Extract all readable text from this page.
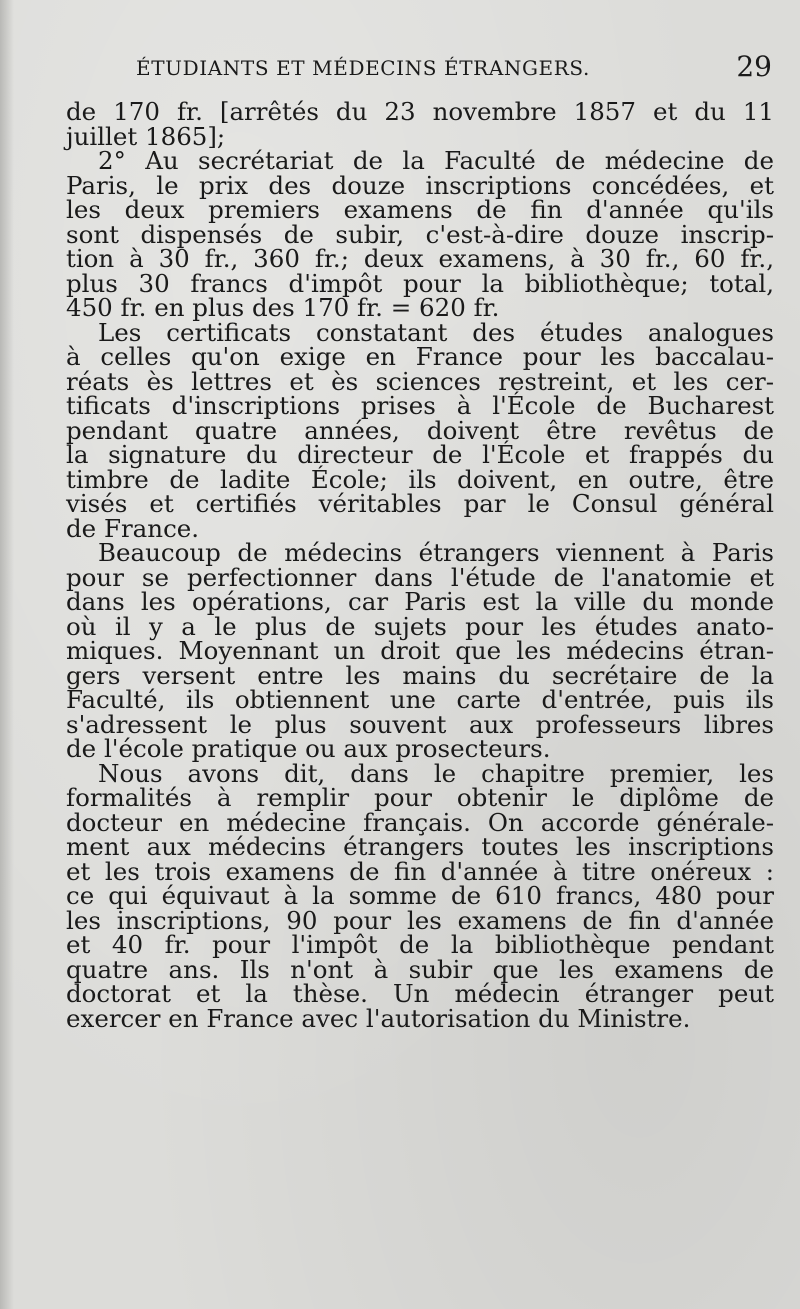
ÉTUDIANTS ET MÉDECINS ÉTRANGERS.	29
de 170 fr. [arrêtés du 23 novembre 1857 et du 11
juillet 1865];
2° Au secrétariat de la Faculté de médecine de
Paris, le prix des douze inscriptions concédées, et
les deux premiers examens de fin d'année qu'ils
sont dispensés de subir, c'est-à-dire douze inscrip-
tion à 30 fr., 360 fr.; deux examens, à 30 fr., 60 fr.,
plus 30 francs d'impôt pour la bibliothèque; total,
450 fr. en plus des 170 fr. = 620 fr.
Les certificats constatant des études analogues
à celles qu'on exige en France pour les baccalau-
réats ès lettres et ès sciences restreint, et les cer-
tificats d'inscriptions prises à l'École de Bucharest
pendant quatre années, doivent être revêtus de
la signature du directeur de l'École et frappés du
timbre de ladite École; ils doivent, en outre, être
visés et certifiés véritables par le Consul général
de France.
Beaucoup de médecins étrangers viennent à Paris
pour se perfectionner dans l'étude de l'anatomie et
dans les opérations, car Paris est la ville du monde
où il y a le plus de sujets pour les études anato-
miques. Moyennant un droit que les médecins étran-
gers versent entre les mains du secrétaire de la
Faculté, ils obtiennent une carte d'entrée, puis ils
s'adressent le plus souvent aux professeurs libres
de l'école pratique ou aux prosecteurs.
Nous avons dit, dans le chapitre premier, les
formalités à remplir pour obtenir le diplôme de
docteur en médecine français. On accorde générale-
ment aux médecins étrangers toutes les inscriptions
et les trois examens de fin d'année à titre onéreux :
ce qui équivaut à la somme de 610 francs, 480 pour
les inscriptions, 90 pour les examens de fin d'année
et 40 fr. pour l'impôt de la bibliothèque pendant
quatre ans. Ils n'ont à subir que les examens de
doctorat et la thèse. Un médecin étranger peut
exercer en France avec l'autorisation du Ministre.
